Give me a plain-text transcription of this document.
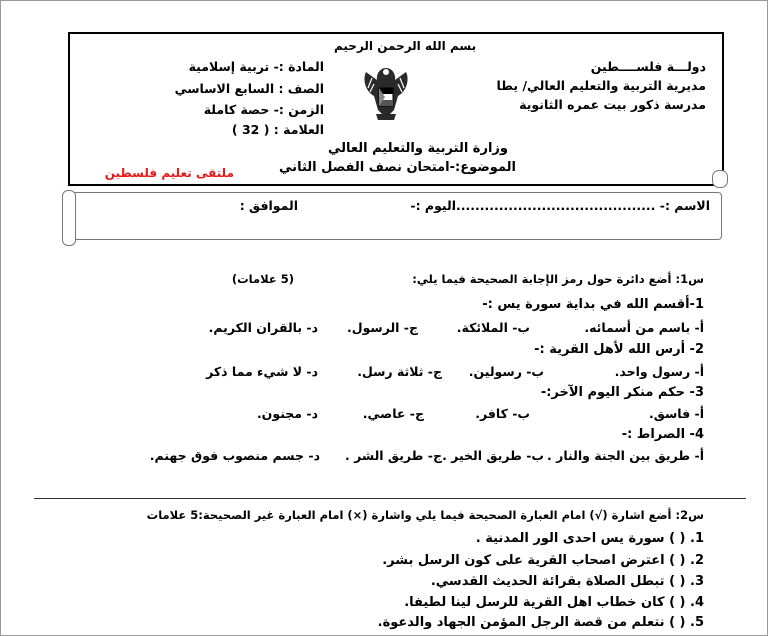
بسم الله الرحمن الرحيم
دولـــة فلســــطين
مديرية التربية والتعليم العالي/ يطا
مدرسة ذكور بيت عمره الثانوية
المادة :- تربية إسلامية
الصف : السابع الاساسي
الزمن :- حصة كاملة
العلامة : ( 32 )
وزارة التربية والتعليم العالي
الموضوع:-امتحان نصف الفصل الثاني
ملتقى تعليم فلسطين
الاسم :- ...........................................
اليوم :-
الموافق :
س1: أضع دائرة حول رمز الإجابة الصحيحة فيما يلي:
(5 علامات)
1-أقسم الله في بداية سورة يس :-
أ- باسم من أسمائه.
ب- الملائكة.
ج- الرسول.
د- بالقران الكريم.
2- أرس الله لأهل القرية :-
أ- رسول واحد.
ب- رسولين.
ج- ثلاثة رسل.
د- لا شيء مما ذكر
3- حكم منكر اليوم الآخر:-
أ- فاسق.
ب- كافر.
ج- عاصي.
د- مجنون.
4- الصراط :-
أ- طريق بين الجنة والنار .
ب- طريق الخير .
ج- طريق الشر .
د- جسم منصوب فوق جهنم.
س2: أضع اشارة (√) امام العبارة الصحيحة فيما يلي واشارة (×) امام العبارة غير الصحيحة:5 علامات
1. ( ) سورة يس احدى الور المدنية .
2. ( ) اعترض اصحاب القرية على كون الرسل بشر.
3. ( ) تبطل الصلاة بقرائة الحديث القدسي.
4. ( ) كان خطاب اهل القرية للرسل لينا لطيفا.
5. ( ) نتعلم من قصة الرجل المؤمن الجهاد والدعوة.
